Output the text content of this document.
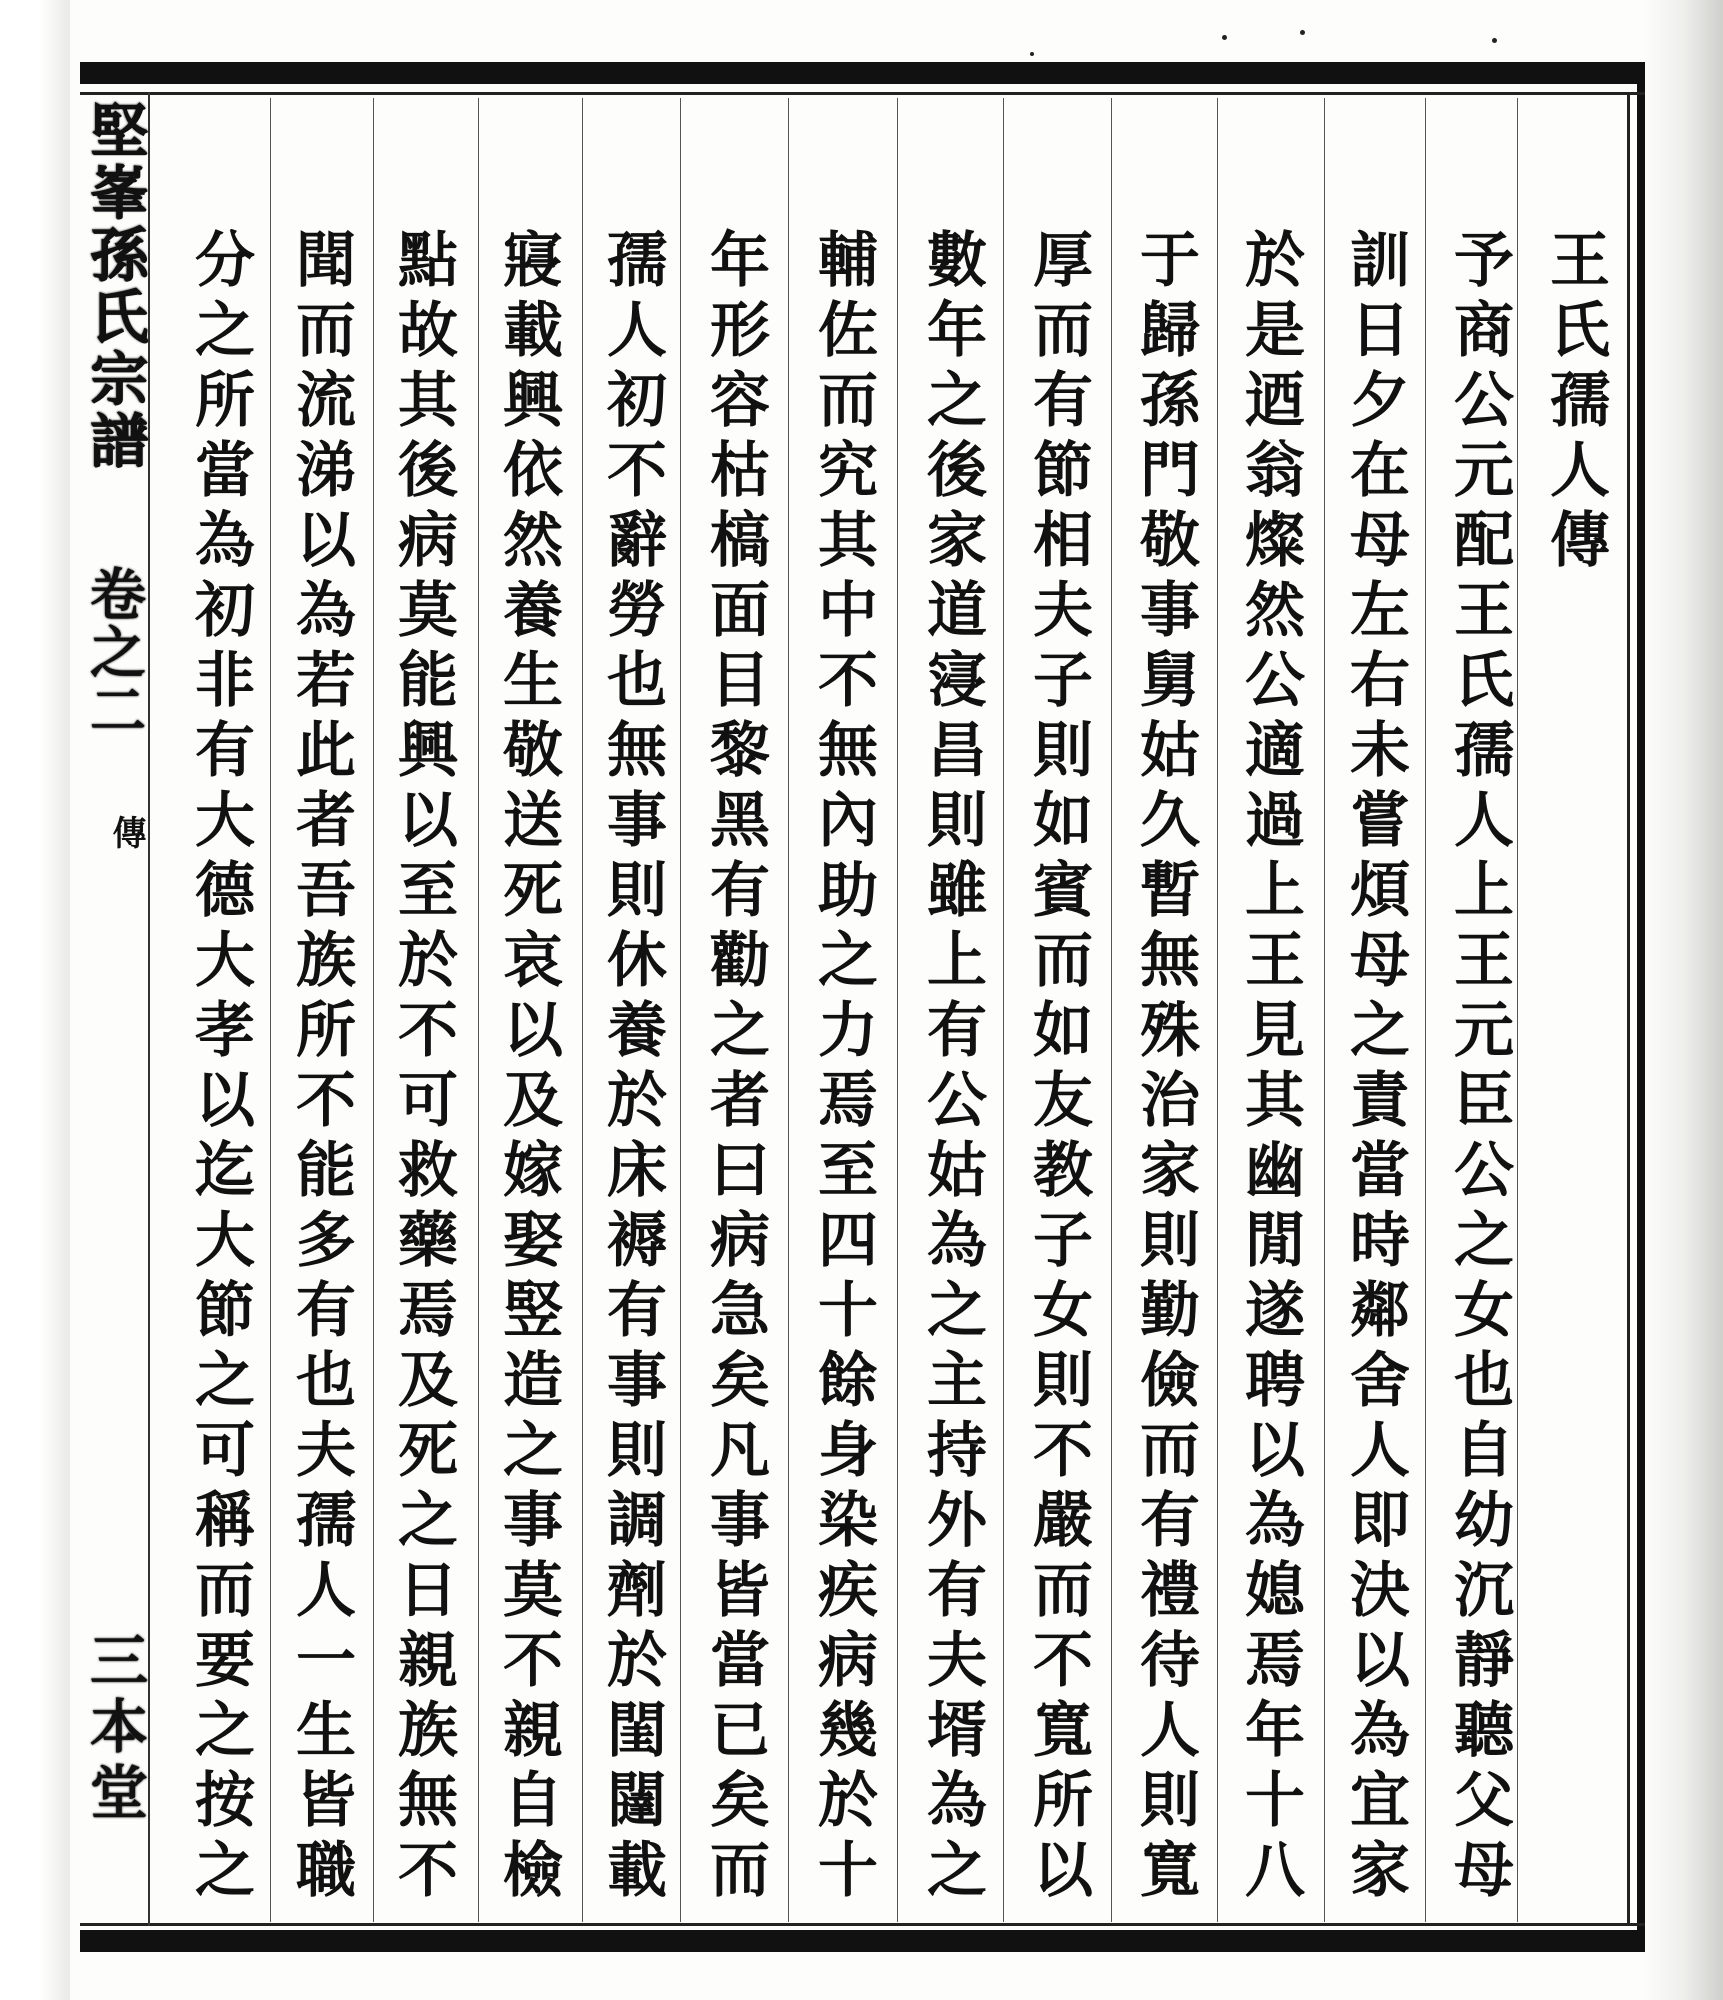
堅峯孫氏宗譜
卷之二
傳
三本堂
王氏孺人傳
予商公元配王氏孺人上王元臣公之女也自幼沉靜聽父母
訓日夕在母左右未嘗煩母之責當時鄰舍人即決以為宜家
於是迺翁燦然公適過上王見其幽閒遂聘以為媳焉年十八
于歸孫門敬事舅姑久暫無殊治家則勤儉而有禮待人則寬
厚而有節相夫子則如賓而如友教子女則不嚴而不寬所以
數年之後家道寖昌則雖上有公姑為之主持外有夫壻為之
輔佐而究其中不無內助之力焉至四十餘身染疾病幾於十
年形容枯槁面目黎黑有勸之者曰病急矣凡事皆當已矣而
孺人初不辭勞也無事則休養於床褥有事則調劑於閨闥載
寢載興依然養生敬送死哀以及嫁娶竪造之事莫不親自檢
點故其後病莫能興以至於不可救藥焉及死之日親族無不
聞而流涕以為若此者吾族所不能多有也夫孺人一生皆職
分之所當為初非有大德大孝以迄大節之可稱而要之按之
